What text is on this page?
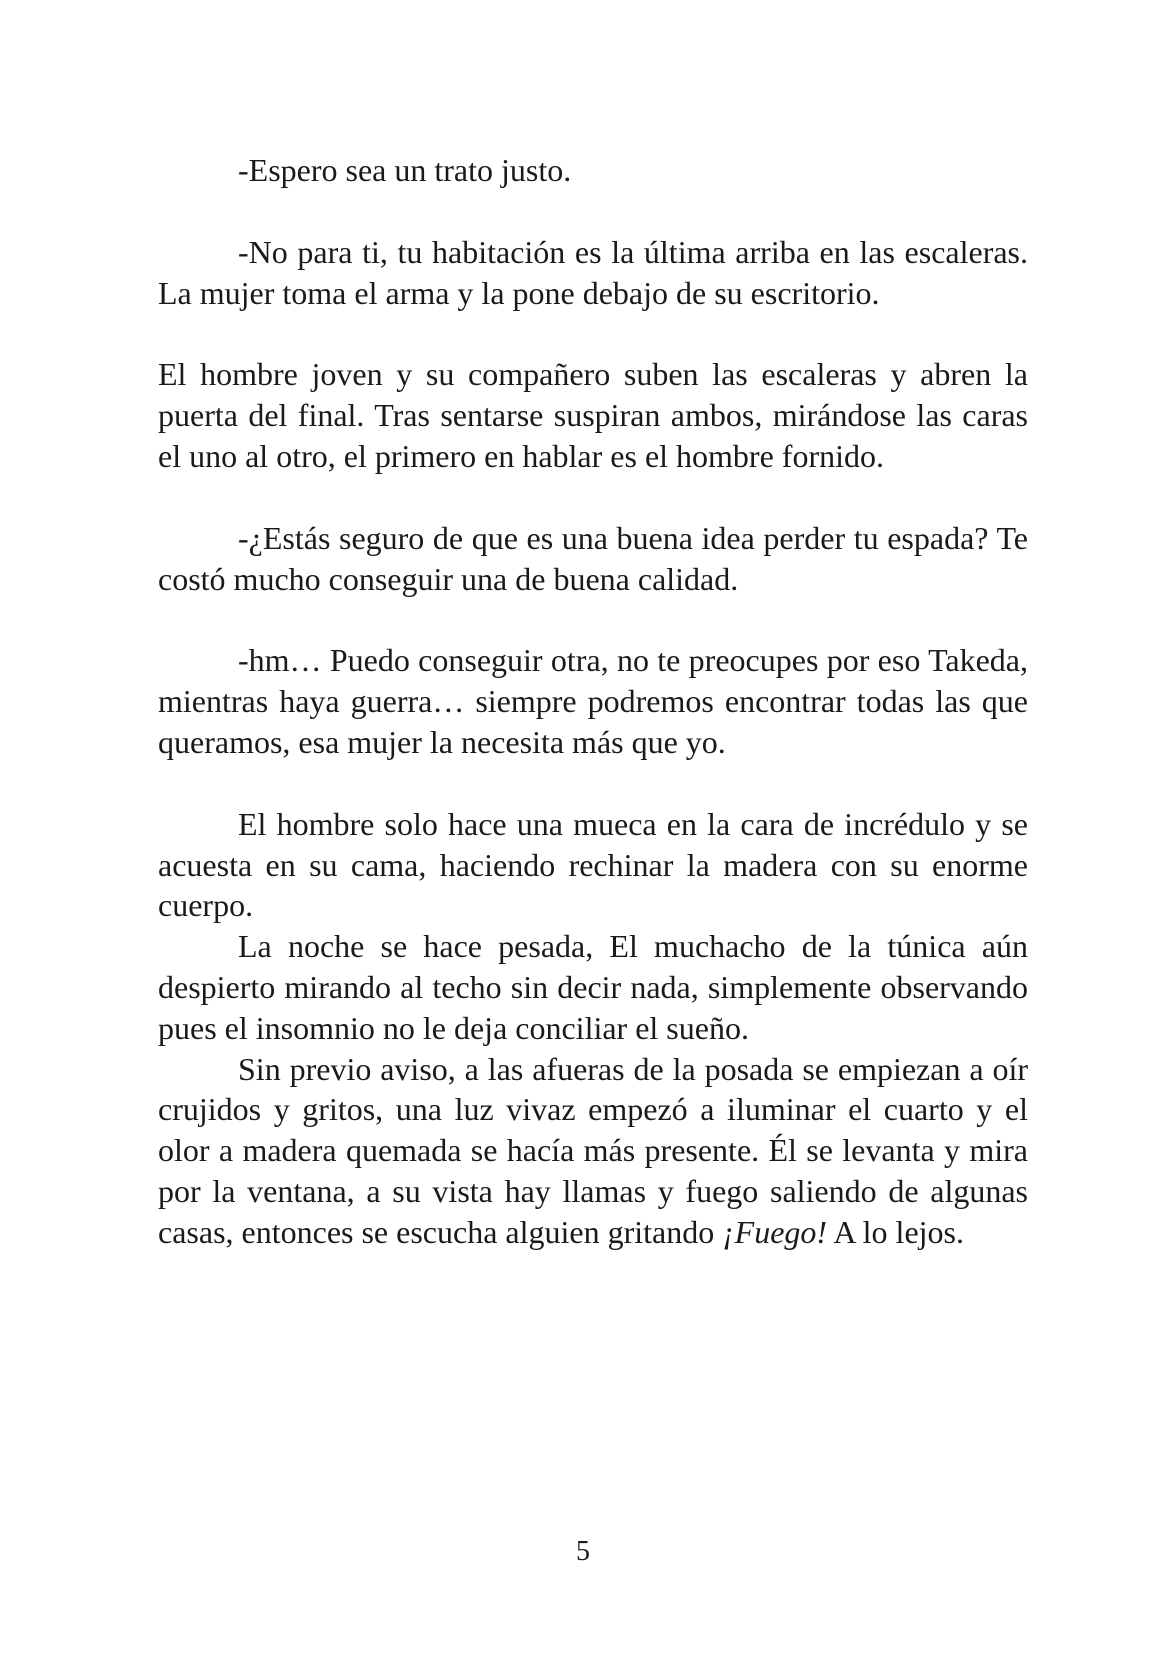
-Espero sea un trato justo.

-No para ti, tu habitación es la última arriba en las escaleras. La mujer toma el arma y la pone debajo de su escritorio.

El hombre joven y su compañero suben las escaleras y abren la puerta del final. Tras sentarse suspiran ambos, mirándose las caras el uno al otro, el primero en hablar es el hombre fornido.

-¿Estás seguro de que es una buena idea perder tu espada? Te costó mucho conseguir una de buena calidad.

-hm… Puedo conseguir otra, no te preocupes por eso Takeda, mientras haya guerra… siempre podremos encontrar todas las que queramos, esa mujer la necesita más que yo.

El hombre solo hace una mueca en la cara de incrédulo y se acuesta en su cama, haciendo rechinar la madera con su enorme cuerpo.

La noche se hace pesada, El muchacho de la túnica aún despierto mirando al techo sin decir nada, simplemente observando pues el insomnio no le deja conciliar el sueño.

Sin previo aviso, a las afueras de la posada se empiezan a oír crujidos y gritos, una luz vivaz empezó a iluminar el cuarto y el olor a madera quemada se hacía más presente. Él se levanta y mira por la ventana, a su vista hay llamas y fuego saliendo de algunas casas, entonces se escucha alguien gritando ¡Fuego! A lo lejos.

5
